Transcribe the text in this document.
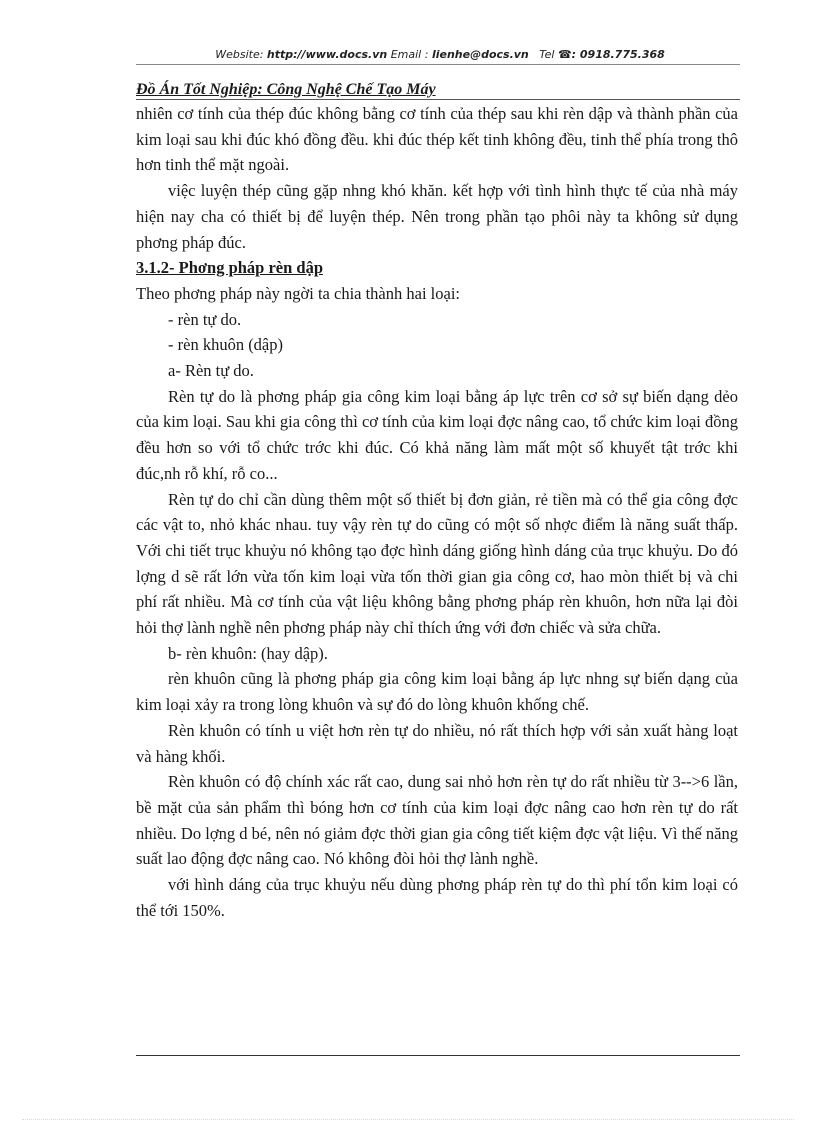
Website: http://www.docs.vn Email : lienhe@docs.vn Tel ☎: 0918.775.368
Đồ Án Tốt Nghiệp: Công Nghệ Chế Tạo Máy

nhiên cơ tính của thép đúc không bằng cơ tính của thép sau khi rèn dập và thành phần của kim loại sau khi đúc khó đồng đều. khi đúc thép kết tinh không đều, tinh thể phía trong thô hơn tinh thể mặt ngoài.

việc luyện thép cũng gặp nhng khó khăn. kết hợp với tình hình thực tế của nhà máy hiện nay cha có thiết bị để luyện thép. Nên trong phần tạo phôi này ta không sử dụng phơng pháp đúc.

3.1.2- Phơng pháp rèn dập

Theo phơng pháp này ngời ta chia thành hai loại:

- rèn tự do.

- rèn khuôn (dập)

a- Rèn tự do.

Rèn tự do là phơng pháp gia công kim loại bằng áp lực trên cơ sở sự biến dạng dẻo của kim loại. Sau khi gia công thì cơ tính của kim loại đợc nâng cao, tổ chức kim loại đồng đều hơn so với tổ chức trớc khi đúc. Có khả năng làm mất một số khuyết tật trớc khi đúc,nh rỗ khí, rỗ co...

Rèn tự do chỉ cần dùng thêm một số thiết bị đơn giản, rẻ tiền mà có thể gia công đợc các vật to, nhỏ khác nhau. tuy vậy rèn tự do cũng có một số nhợc điểm là năng suất thấp. Với chi tiết trục khuỷu nó không tạo đợc hình dáng giống hình dáng của trục khuỷu. Do đó lợng d sẽ rất lớn vừa tốn kim loại vừa tốn thời gian gia công cơ, hao mòn thiết bị và chi phí rất nhiều. Mà cơ tính của vật liệu không bằng phơng pháp rèn khuôn, hơn nữa lại đòi hỏi thợ lành nghề nên phơng pháp này chỉ thích ứng với đơn chiếc và sửa chữa.

b- rèn khuôn: (hay dập).

rèn khuôn cũng là phơng pháp gia công kim loại bằng áp lực nhng sự biến dạng của kim loại xảy ra trong lòng khuôn và sự đó do lòng khuôn khống chế.

Rèn khuôn có tính u việt hơn rèn tự do nhiều, nó rất thích hợp với sản xuất hàng loạt và hàng khối.

Rèn khuôn có độ chính xác rất cao, dung sai nhỏ hơn rèn tự do rất nhiều từ 3-->6 lần, bề mặt của sản phẩm thì bóng hơn cơ tính của kim loại đợc nâng cao hơn rèn tự do rất nhiều. Do lợng d bé, nên nó giảm đợc thời gian gia công tiết kiệm đợc vật liệu. Vì thế năng suất lao động đợc nâng cao. Nó không đòi hỏi thợ lành nghề.

với hình dáng của trục khuỷu nếu dùng phơng pháp rèn tự do thì phí tổn kim loại có thể tới 150%.
